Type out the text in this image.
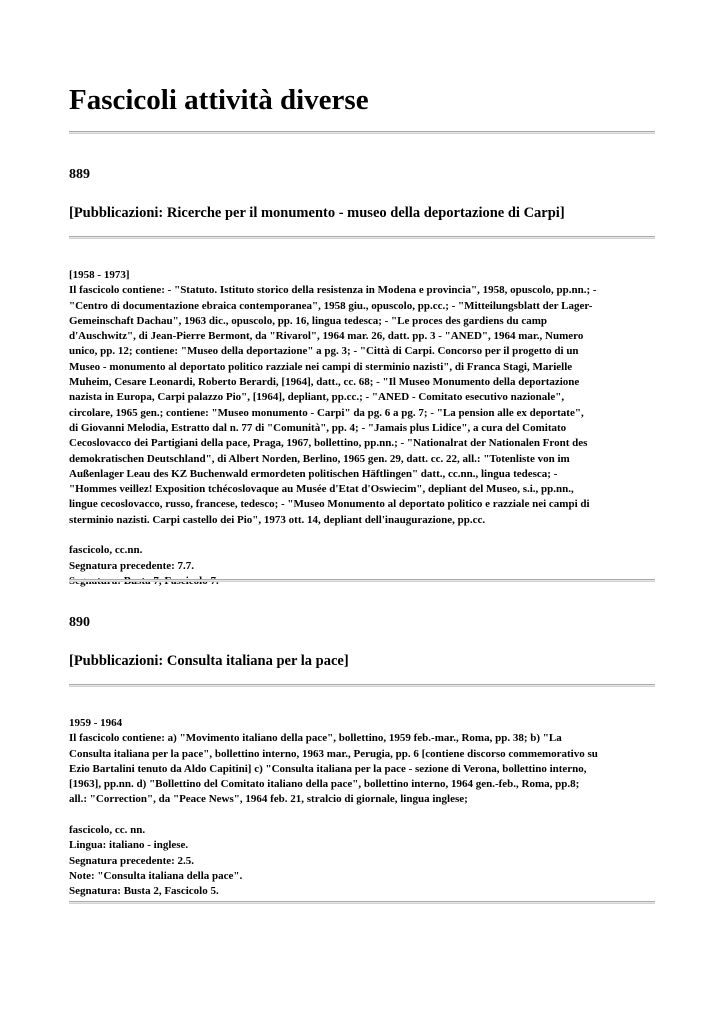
Fascicoli attività diverse
889
[Pubblicazioni: Ricerche per il monumento - museo della deportazione di Carpi]
[1958 - 1973]
Il fascicolo contiene: - "Statuto. Istituto storico della resistenza in Modena e provincia", 1958, opuscolo, pp.nn.; -
"Centro di documentazione ebraica contemporanea", 1958 giu., opuscolo, pp.cc.; - "Mitteilungsblatt der Lager-
Gemeinschaft Dachau", 1963 dic., opuscolo, pp. 16, lingua tedesca; - "Le proces des gardiens du camp
d'Auschwitz", di Jean-Pierre Bermont, da "Rivarol", 1964 mar. 26, datt. pp. 3 - "ANED", 1964 mar., Numero
unico, pp. 12; contiene: "Museo della deportazione" a pg. 3; - "Città di Carpi. Concorso per il progetto di un
Museo - monumento al deportato politico razziale nei campi di sterminio nazisti", di Franca Stagi, Marielle
Muheim, Cesare Leonardi, Roberto Berardi, [1964], datt., cc. 68; - "Il Museo Monumento della deportazione
nazista in Europa, Carpi palazzo Pio", [1964], depliant, pp.cc.; - "ANED - Comitato esecutivo nazionale",
circolare, 1965 gen.; contiene: "Museo monumento - Carpi" da pg. 6 a pg. 7; - "La pension alle ex deportate",
di Giovanni Melodia, Estratto dal n. 77 di "Comunità", pp. 4; - "Jamais plus Lidice", a cura del Comitato
Cecoslovacco dei Partigiani della pace, Praga, 1967, bollettino, pp.nn.; - "Nationalrat der Nationalen Front des
demokratischen Deutschland", di Albert Norden, Berlino, 1965 gen. 29, datt. cc. 22, all.: "Totenliste von im
Außenlager Leau des KZ Buchenwald ermordeten politischen Häftlingen" datt., cc.nn., lingua tedesca; -
"Hommes veillez! Exposition tchécoslovaque au Musée d'Etat d'Oswiecim", depliant del Museo, s.i., pp.nn.,
lingue cecoslovacco, russo, francese, tedesco; - "Museo Monumento al deportato politico e razziale nei campi di
sterminio nazisti. Carpi castello dei Pio", 1973 ott. 14, depliant dell'inaugurazione, pp.cc.
fascicolo, cc.nn.
Segnatura precedente: 7.7.
890
[Pubblicazioni: Consulta italiana per la pace]
1959 - 1964
Il fascicolo contiene: a) "Movimento italiano della pace", bollettino, 1959 feb.-mar., Roma, pp. 38; b) "La
Consulta italiana per la pace", bollettino interno, 1963 mar., Perugia, pp. 6 [contiene discorso commemorativo su
Ezio Bartalini tenuto da Aldo Capitini] c) "Consulta italiana per la pace - sezione di Verona, bollettino interno,
[1963], pp.nn. d) "Bollettino del Comitato italiano della pace", bollettino interno, 1964 gen.-feb., Roma, pp.8;
all.: "Correction", da "Peace News", 1964 feb. 21, stralcio di giornale, lingua inglese;
fascicolo, cc. nn.
Lingua: italiano - inglese.
Segnatura precedente: 2.5.
Note: "Consulta italiana della pace".
Segnatura: Busta 2, Fascicolo 5.
